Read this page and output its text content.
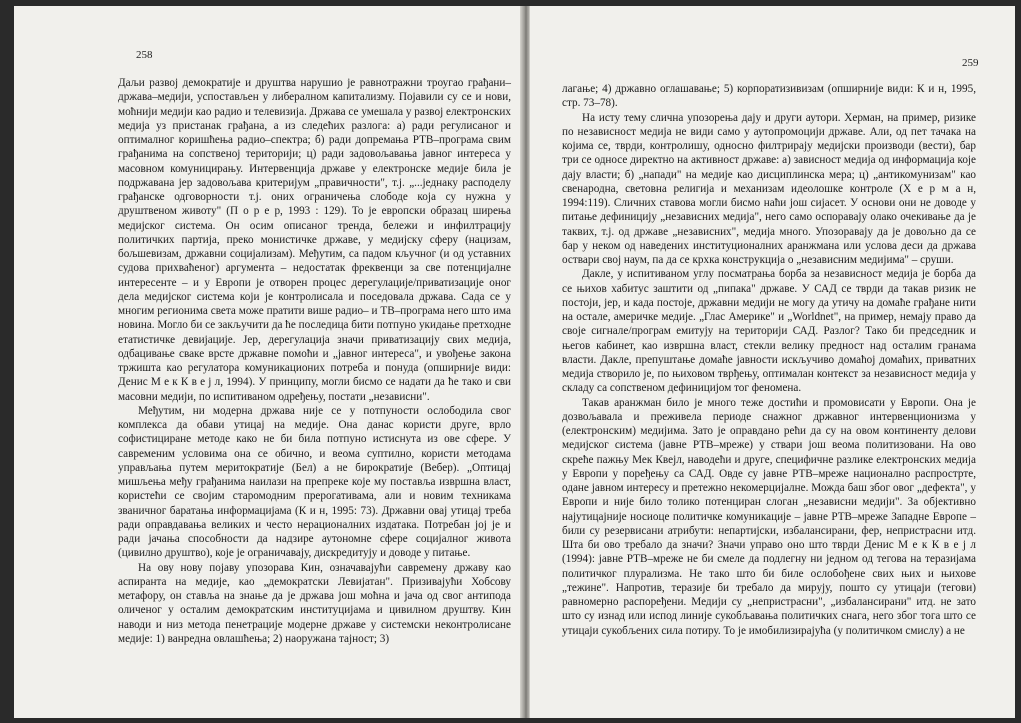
258

Даљи развој демократије и друштва нарушио је равнотражни троугао грађани–држава–медији, успостављен у либералном капитализму. Појавили су се и нови, моћнији медији као радио и телевизија. Држава се умешала у развој електронских медија уз пристанак грађана, а из следећих разлога: а) ради регулисаног и оптималног коришћења радио–спектра; б) ради допремања РТВ–програма свим грађанима на сопственој територији; ц) ради задовољавања јавног интереса у масовном комуницирању. Интервенција државе у електронске медије била је подржавана јер задовољава критеријум „правичности", т.ј. „...једнаку расподелу грађанске одговорности т.ј. оних ограничења слободе која су нужна у друштвеном животу" (П о р е р, 1993 : 129). То је европски образац ширења медијског система. Он осим описаног тренда, бележи и инфилтрацију политичких партија, преко монистичке државе, у медијску сферу (нацизам, бољшевизам, државни социјализам). Међутим, са падом кључног (и од уставних судова прихваћеног) аргумента – недостатак фреквенци за све потенцијалне интересенте – и у Европи је отворен процес дерегулације/приватизације оног дела медијског система који је контролисала и поседовала држава. Сада се у многим регионима света може пратити више радио– и ТВ–програма него што има новина. Могло би се закључити да ће последица бити потпуно укидање претходне етатистичке девијације. Јер, дерегулација значи приватизацију свих медија, одбацивање сваке врсте државне помоћи и „јавног интереса", и увођење закона тржишта као регулатора комуникационих потреба и понуда (опширније види: Денис М е к К в е ј л, 1994). У принципу, могли бисмо се надати да ће тако и сви масовни медији, по испитиваном одређењу, постати „независни".

Међутим, ни модерна држава није се у потпуности ослободила свог комплекса да обави утицај на медије. Она данас користи друге, врло софистициране методе како не би била потпуно истиснута из ове сфере. У савременим условима она се обично, и веома суптилно, користи методама управљања путем меритократије (Бел) а не бирократије (Вебер). „Оптицај мишљења међу грађанима наилази на препреке које му поставља извршна власт, користећи се својим старомодним прерогативама, али и новим техникама званичног баратања информацијама (К и н, 1995: 73). Државни овај утицај треба ради оправдавања великих и често нерационалних издатака. Потребан јој је и ради јачања способности да надзире аутономне сфере социјалног живота (цивилно друштво), које је ограничавају, дискредитују и доводе у питање.

На ову нову појаву упозорава Кин, означавајући савремену државу као аспиранта на медије, као „демократски Левијатан". Призивајући Хобсову метафору, он ставља на знање да је држава још моћна и јача од свог антипода оличеног у осталим демократским институцијама и цивилном друштву. Кин наводи и низ метода пенетрације модерне државе у системски неконтролисане медије: 1) ванредна овлашћења; 2) наоружана тајност; 3)

259

лагање; 4) државно оглашавање; 5) корпоратизивизам (опширније види: К и н, 1995, стр. 73–78).

На исту тему слична упозорења дају и други аутори. Херман, на пример, ризике по независност медија не види само у аутопромоцији државе. Али, од пет тачака на којима се, тврди, контролишу, односно филтрирају медијски производи (вести), бар три се односе директно на активност државе: а) зависност медија од информација које дају власти; б) „напади" на медије као дисциплинска мера; ц) „антикомунизам" као свенародна, световна религија и механизам идеолошке контроле (Х е р м а н, 1994:119). Сличних ставова могли бисмо наћи још сијасет. У основи они не доводе у питање дефиницију „независних медија", него само оспоравају олако очекивање да је таквих, т.ј. од државе „независних", медија много. Упозоравају да је довољно да се бар у неком од наведених институционалних аранжмана или услова деси да држава оствари свој наум, па да се крхка конструкција о „независним медијима" – сруши.

Дакле, у испитиваном углу посматрања борба за независност медија је борба да се њихов хабитус заштити од „пипака" државе. У САД се тврди да такав ризик не постоји, јер, и када постоје, државни медији не могу да утичу на домаће грађане нити на остале, америчке медије. „Глас Америке" и „Worldnet", на пример, немају право да своје сигнале/програм емитују на територији САД. Разлог? Тако би председник и његов кабинет, као извршна власт, стекли велику предност над осталим гранама власти. Дакле, препуштање домаће јавности искључиво домаћој домаћих, приватних медија створило је, по њиховом тврђењу, оптималан контекст за независност медија у складу са сопственом дефиницијом тог феномена.

Такав аранжман било је много теже достићи и промовисати у Европи. Она је дозвољавала и преживела периоде снажног државног интервенционизма у (електронским) медијима. Зато је оправдано рећи да су на овом континенту делови медијског система (јавне РТВ–мреже) у ствари још веома политизовани. На ово скреће пажњу Мек Квејл, наводећи и друге, специфичне разлике електронских медија у Европи у поређењу са САД. Овде су јавне РТВ–мреже национално распрострте, одане јавном интересу и претежно некомерцијалне. Можда баш због овог „дефекта", у Европи и није било толико потенциран слоган „независни медији". За објективно најутицајније носиоце политичке комуникације – јавне РТВ–мреже Западне Европе – били су резервисани атрибути: непартијски, избалансирани, фер, непристрасни итд. Шта би ово требало да значи? Значи управо оно што тврди Денис М е к К в е ј л (1994): јавне РТВ–мреже не би смеле да подлегну ни једном од тегова на теразијама политичког плурализма. Не тако што би биле ослобођене свих њих и њихове „тежине". Напротив, теразије би требало да мирују, пошто су утицаји (тегови) равномерно распоређени. Медији су „непристрасни", „избалансирани" итд. не зато што су изнад или испод линије сукобљавања политичких снага, него због тога што се утицаји сукобљених сила потиру. То је имобилизирајућа (у политичком смислу) а не
